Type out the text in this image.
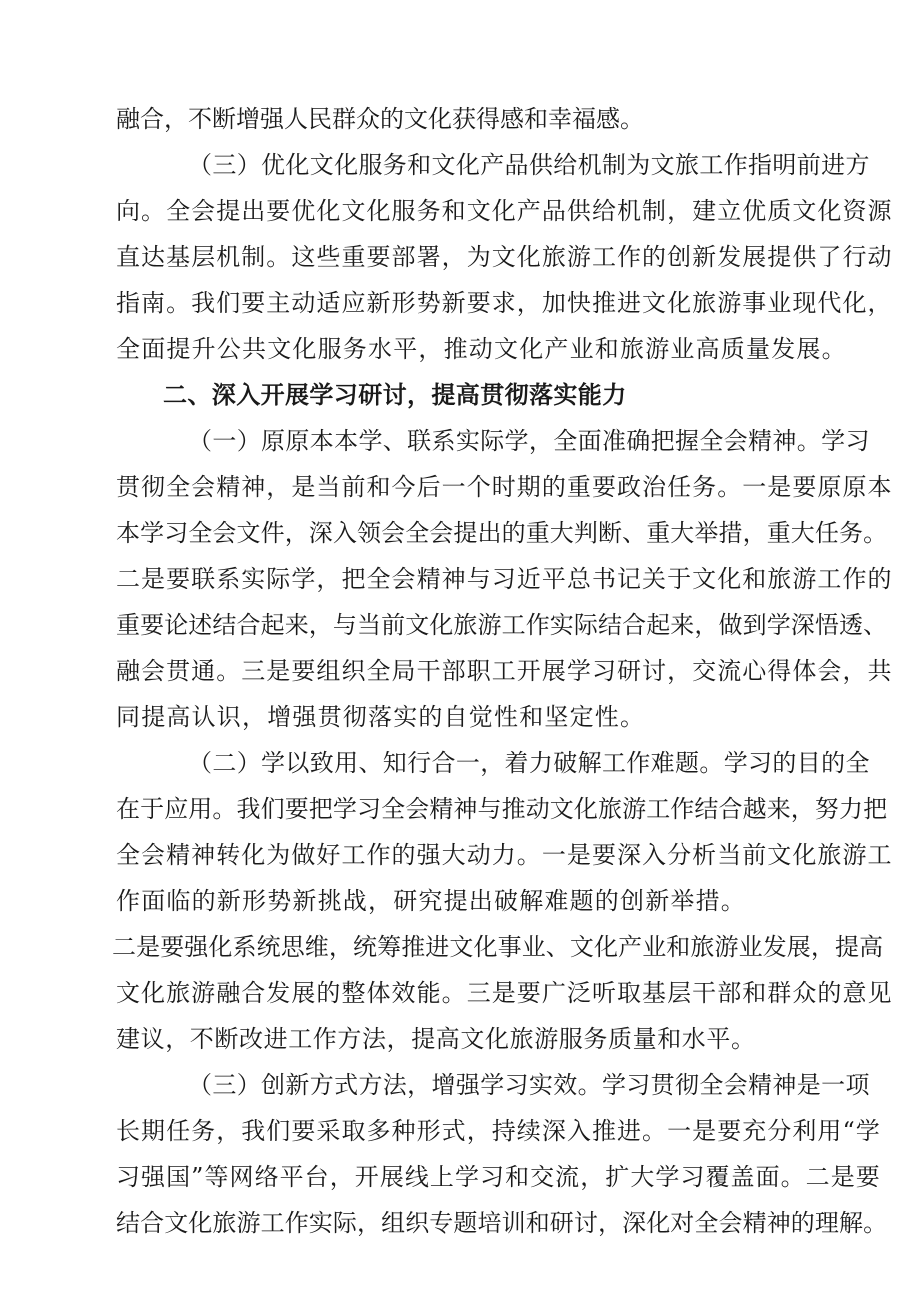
融合，不断增强人民群众的文化获得感和幸福感。
（三）优化文化服务和文化产品供给机制为文旅工作指明前进方
向。全会提出要优化文化服务和文化产品供给机制，建立优质文化资源
直达基层机制。这些重要部署，为文化旅游工作的创新发展提供了行动
指南。我们要主动适应新形势新要求，加快推进文化旅游事业现代化，
全面提升公共文化服务水平，推动文化产业和旅游业高质量发展。
二、深入开展学习研讨，提高贯彻落实能力
（一）原原本本学、联系实际学，全面准确把握全会精神。学习
贯彻全会精神，是当前和今后一个时期的重要政治任务。一是要原原本
本学习全会文件，深入领会全会提出的重大判断、重大举措，重大任务。
二是要联系实际学，把全会精神与习近平总书记关于文化和旅游工作的
重要论述结合起来，与当前文化旅游工作实际结合起来，做到学深悟透、
融会贯通。三是要组织全局干部职工开展学习研讨，交流心得体会，共
同提高认识，增强贯彻落实的自觉性和坚定性。
（二）学以致用、知行合一，着力破解工作难题。学习的目的全
在于应用。我们要把学习全会精神与推动文化旅游工作结合越来，努力把
全会精神转化为做好工作的强大动力。一是要深入分析当前文化旅游工
作面临的新形势新挑战，研究提出破解难题的创新举措。
二是要强化系统思维，统筹推进文化事业、文化产业和旅游业发展，提高
文化旅游融合发展的整体效能。三是要广泛听取基层干部和群众的意见
建议，不断改进工作方法，提高文化旅游服务质量和水平。
（三）创新方式方法，增强学习实效。学习贯彻全会精神是一项
长期任务，我们要采取多种形式，持续深入推进。一是要充分利用“学
习强国”等网络平台，开展线上学习和交流，扩大学习覆盖面。二是要
结合文化旅游工作实际，组织专题培训和研讨，深化对全会精神的理解。
